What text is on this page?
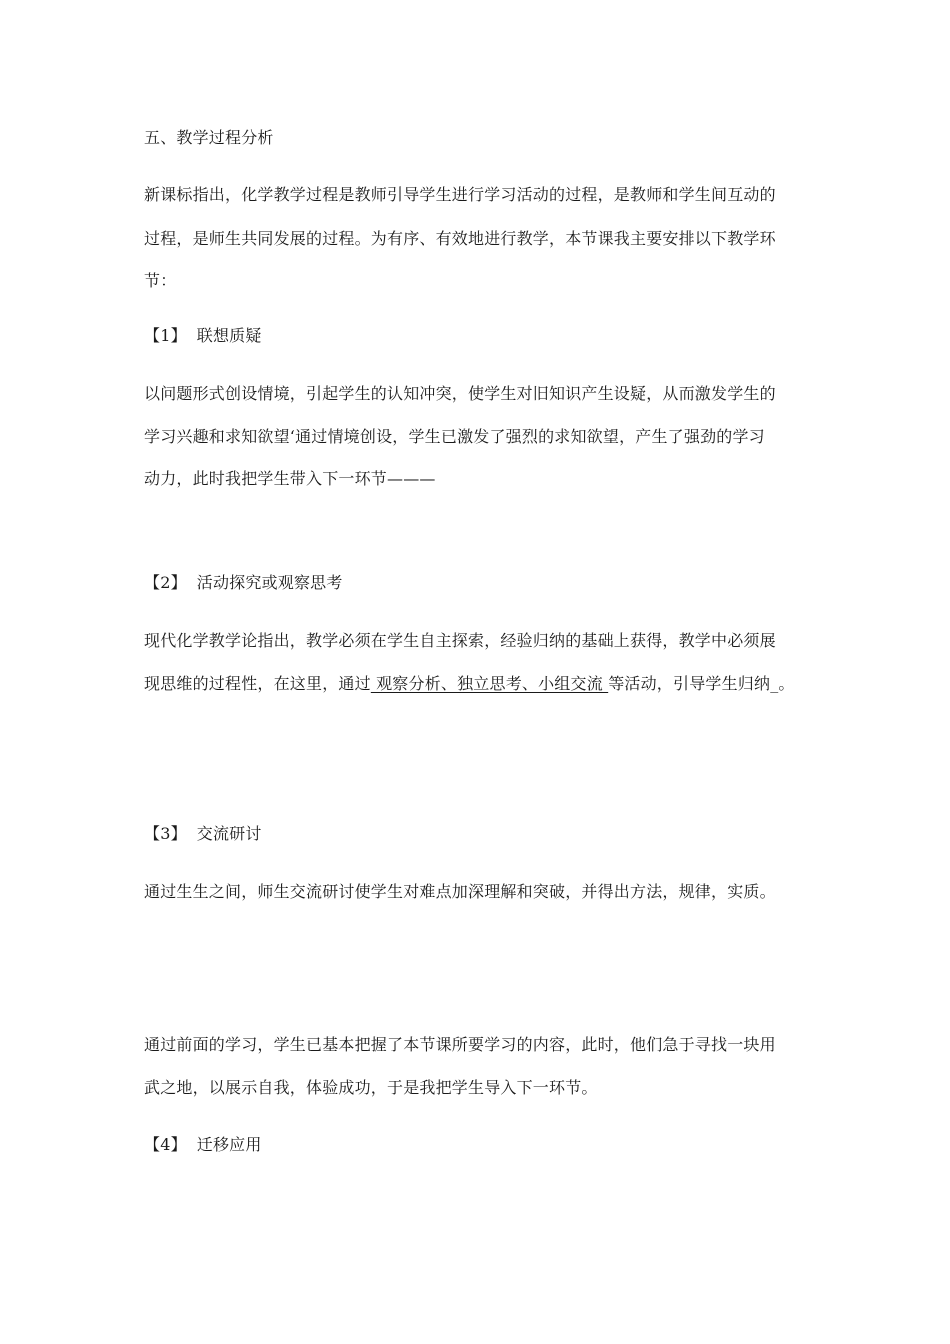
五、教学过程分析
新课标指出，化学教学过程是教师引导学生进行学习活动的过程，是教师和学生间互动的
过程，是师生共同发展的过程。为有序、有效地进行教学，本节课我主要安排以下教学环
节：
【1】 联想质疑
以问题形式创设情境，引起学生的认知冲突，使学生对旧知识产生设疑，从而激发学生的
学习兴趣和求知欲望‘通过情境创设，学生已激发了强烈的求知欲望，产生了强劲的学习
动力，此时我把学生带入下一环节———
【2】 活动探究或观察思考
现代化学教学论指出，教学必须在学生自主探索，经验归纳的基础上获得，教学中必须展
现思维的过程性，在这里，通过 观察分析、独立思考、小组交流 等活动，引导学生归纳_。
【3】 交流研讨
通过生生之间，师生交流研讨使学生对难点加深理解和突破，并得出方法，规律，实质。
通过前面的学习，学生已基本把握了本节课所要学习的内容，此时，他们急于寻找一块用
武之地，以展示自我，体验成功，于是我把学生导入下一环节。
【4】 迁移应用
